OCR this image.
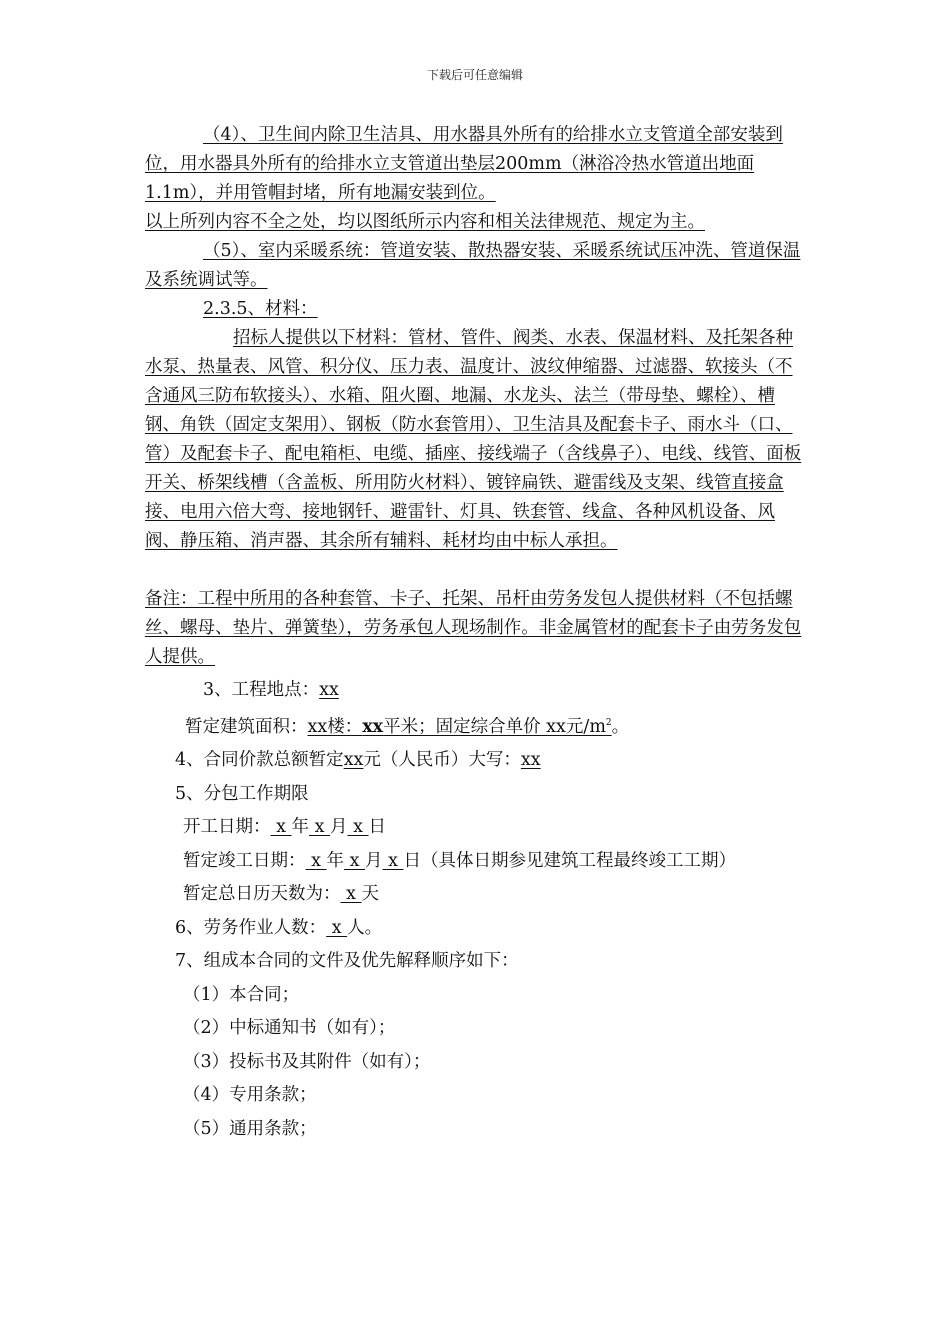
下载后可任意编辑

（4）、卫生间内除卫生洁具、用水器具外所有的给排水立支管道全部安装到位，用水器具外所有的给排水立支管道出垫层200mm（淋浴冷热水管道出地面1.1m），并用管帽封堵，所有地漏安装到位。

以上所列内容不全之处，均以图纸所示内容和相关法律规范、规定为主。

（5）、室内采暖系统：管道安装、散热器安装、采暖系统试压冲洗、管道保温及系统调试等。

2.3.5、材料：

招标人提供以下材料：管材、管件、阀类、水表、保温材料、及托架各种水泵、热量表、风管、积分仪、压力表、温度计、波纹伸缩器、过滤器、软接头（不含通风三防布软接头）、水箱、阻火圈、地漏、水龙头、法兰（带母垫、螺栓）、槽钢、角铁（固定支架用）、钢板（防水套管用）、卫生洁具及配套卡子、雨水斗（口、管）及配套卡子、配电箱柜、电缆、插座、接线端子（含线鼻子）、电线、线管、面板开关、桥架线槽（含盖板、所用防火材料）、镀锌扁铁、避雷线及支架、线管直接盒接、电用六倍大弯、接地钢钎、避雷针、灯具、铁套管、线盒、各种风机设备、风阀、静压箱、消声器、其余所有辅料、耗材均由中标人承担。

备注：工程中所用的各种套管、卡子、托架、吊杆由劳务发包人提供材料（不包括螺丝、螺母、垫片、弹簧垫），劳务承包人现场制作。非金属管材的配套卡子由劳务发包人提供。

3、工程地点：xx

暂定建筑面积：xx楼：xx平米；固定综合单价 xx元$/m^2$。

4、合同价款总额暂定xx元（人民币）大写：xx

5、分包工作期限

开工日期： x 年 x 月 x 日

暂定竣工日期： x 年 x 月 x 日（具体日期参见建筑工程最终竣工工期）

暂定总日历天数为： x 天

6、劳务作业人数： x 人。

7、组成本合同的文件及优先解释顺序如下：

（1）本合同；

（2）中标通知书（如有）；

（3）投标书及其附件（如有）；

（4）专用条款；

（5）通用条款；
